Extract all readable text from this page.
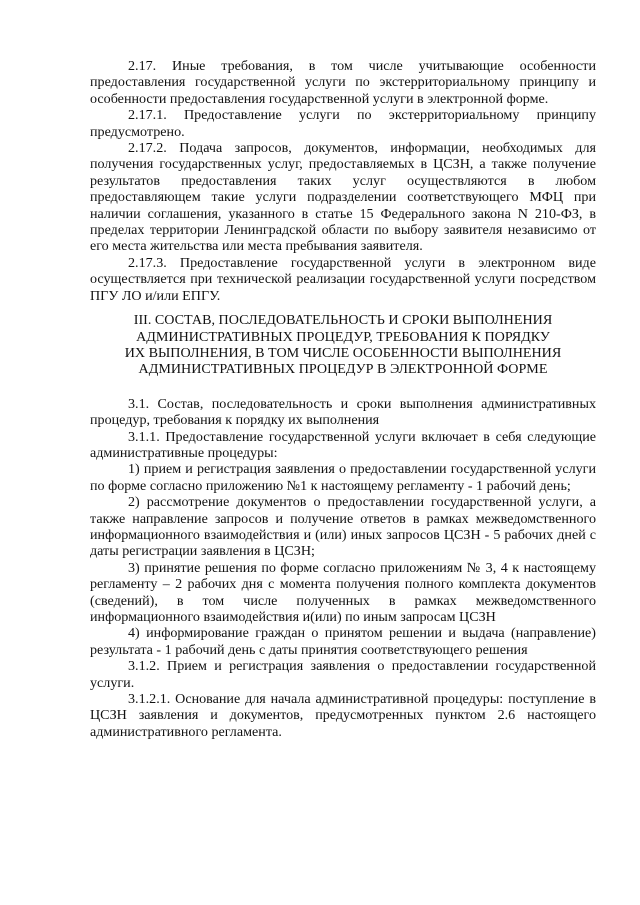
2.17. Иные требования, в том числе учитывающие особенности предоставления государственной услуги по экстерриториальному принципу и особенности предоставления государственной услуги в электронной форме.

2.17.1. Предоставление услуги по экстерриториальному принципу предусмотрено.

2.17.2. Подача запросов, документов, информации, необходимых для получения государственных услуг, предоставляемых в ЦСЗН, а также получение результатов предоставления таких услуг осуществляются в любом предоставляющем такие услуги подразделении соответствующего МФЦ при наличии соглашения, указанного в статье 15 Федерального закона N 210-ФЗ, в пределах территории Ленинградской области по выбору заявителя независимо от его места жительства или места пребывания заявителя.

2.17.3. Предоставление государственной услуги в электронном виде осуществляется при технической реализации государственной услуги посредством ПГУ ЛО и/или ЕПГУ.

III. СОСТАВ, ПОСЛЕДОВАТЕЛЬНОСТЬ И СРОКИ ВЫПОЛНЕНИЯ

АДМИНИСТРАТИВНЫХ ПРОЦЕДУР, ТРЕБОВАНИЯ К ПОРЯДКУ

ИХ ВЫПОЛНЕНИЯ, В ТОМ ЧИСЛЕ ОСОБЕННОСТИ ВЫПОЛНЕНИЯ

АДМИНИСТРАТИВНЫХ ПРОЦЕДУР В ЭЛЕКТРОННОЙ ФОРМЕ

3.1. Состав, последовательность и сроки выполнения административных процедур, требования к порядку их выполнения

3.1.1. Предоставление государственной услуги включает в себя следующие административные процедуры:

1) прием и регистрация заявления о предоставлении государственной услуги по форме согласно приложению №1 к настоящему регламенту - 1 рабочий день;

2) рассмотрение документов о предоставлении государственной услуги, а также направление запросов и получение ответов в рамках межведомственного информационного взаимодействия и (или) иных запросов ЦСЗН - 5 рабочих дней с даты регистрации заявления в ЦСЗН;

3) принятие решения по форме согласно приложениям № 3, 4 к настоящему регламенту – 2 рабочих дня с момента получения полного комплекта документов (сведений), в том числе полученных в рамках межведомственного информационного взаимодействия и(или) по иным запросам ЦСЗН

4) информирование граждан о принятом решении и выдача (направление) результата - 1 рабочий день с даты принятия соответствующего решения

3.1.2. Прием и регистрация заявления о предоставлении государственной услуги.

3.1.2.1. Основание для начала административной процедуры: поступление в ЦСЗН заявления и документов, предусмотренных пунктом 2.6 настоящего административного регламента.
